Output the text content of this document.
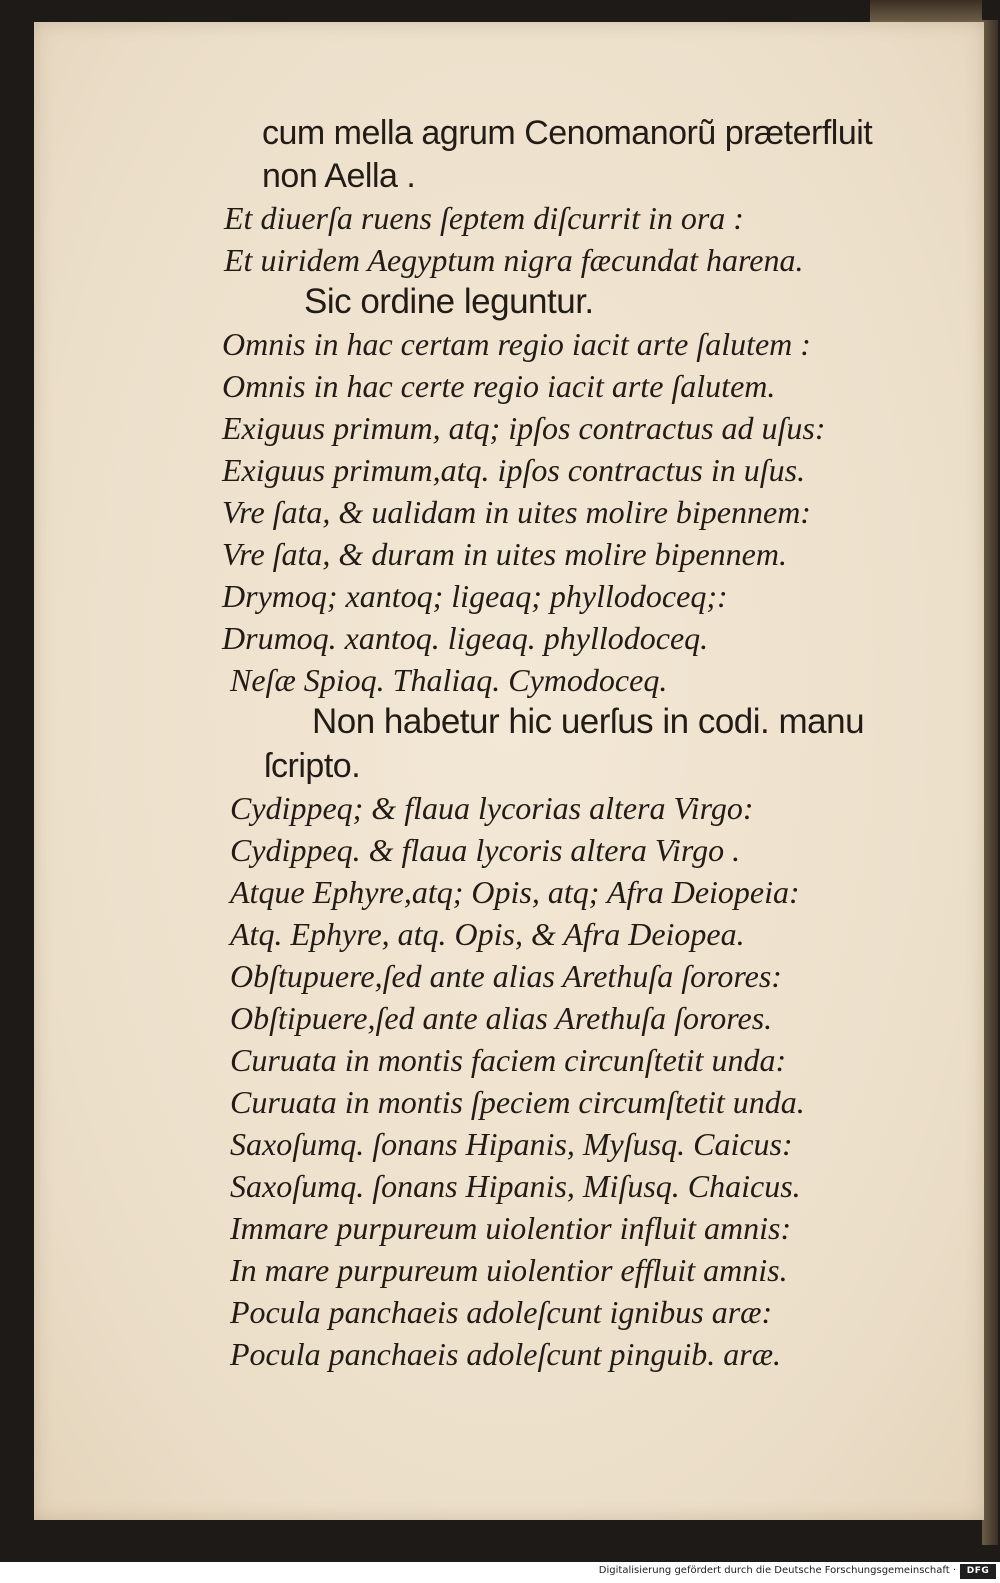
cum mella agrum Cenomanorũ præterfluit
non Aella .
Et diuerſa ruens ſeptem diſcurrit in ora :
Et uiridem Aegyptum nigra fæcundat harena.
Sic ordine leguntur.
Omnis in hac certam regio iacit arte ſalutem :
Omnis in hac certe regio iacit arte ſalutem.
Exiguus primum, atq; ipſos contractus ad uſus:
Exiguus primum,atq. ipſos contractus in uſus.
Vre ſata, & ualidam in uites molire bipennem:
Vre ſata, & duram in uites molire bipennem.
Drymoq; xantoq; ligeaq; phyllodoceq;:
Drumoq. xantoq. ligeaq. phyllodoceq.
Neſæ Spioq. Thaliaq. Cymodoceq.
Non habetur hic uerſus in codi. manu
ſcripto.
Cydippeq; & flaua lycorias altera Virgo:
Cydippeq. & flaua lycoris altera Virgo .
Atque Ephyre,atq; Opis, atq; Afra Deiopeia:
Atq. Ephyre, atq. Opis, & Afra Deiopea.
Obſtupuere,ſed ante alias Arethuſa ſorores:
Obſtipuere,ſed ante alias Arethuſa ſorores.
Curuata in montis faciem circunſtetit unda:
Curuata in montis ſpeciem circumſtetit unda.
Saxoſumq. ſonans Hipanis, Myſusq. Caicus:
Saxoſumq. ſonans Hipanis, Miſusq. Chaicus.
Immare purpureum uiolentior influit amnis:
In mare purpureum uiolentior effluit amnis.
Pocula panchaeis adoleſcunt ignibus aræ:
Pocula panchaeis adoleſcunt pinguib. aræ.
Digitalisierung gefördert durch die Deutsche Forschungsgemeinschaft ·	DFG
